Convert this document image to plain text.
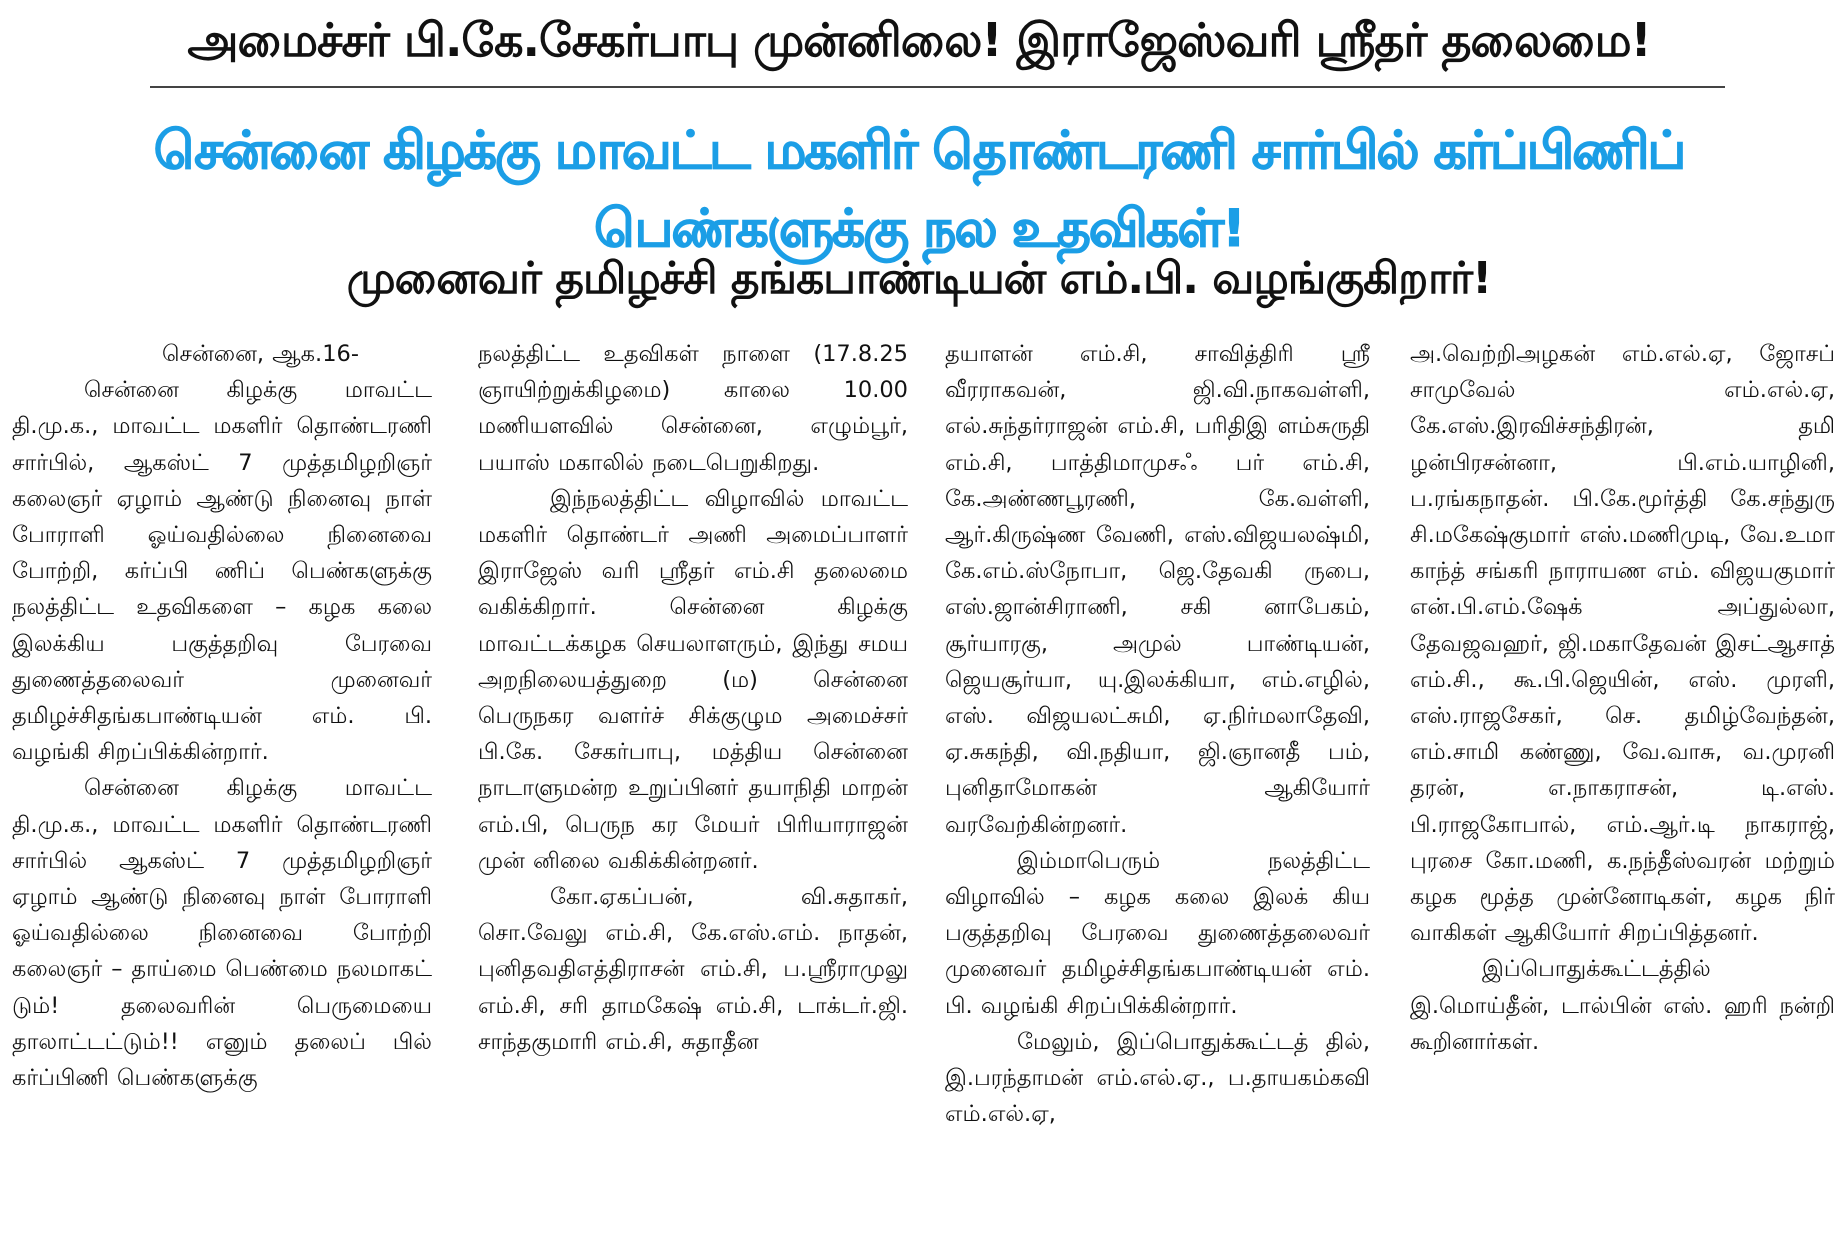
அமைச்சர் பி.கே.சேகர்பாபு முன்னிலை! இராஜேஸ்வரி ஸ்ரீதர் தலைமை!
சென்னை கிழக்கு மாவட்ட மகளிர் தொண்டரணி சார்பில் கர்ப்பிணிப் பெண்களுக்கு நல உதவிகள்!
முனைவர் தமிழச்சி தங்கபாண்டியன் எம்.பி. வழங்குகிறார்!

சென்னை, ஆக.16-

சென்னை கிழக்கு மாவட்ட தி.மு.க., மாவட்ட மகளிர் தொண்டரணி சார்பில், ஆகஸ்ட் 7 முத்தமிழறிஞர் கலைஞர் ஏழாம் ஆண்டு நினைவு நாள் போராளி ஓய்வதில்லை நினைவை போற்றி, கர்ப்பி ணிப் பெண்களுக்கு நலத்திட்ட உதவிகளை – கழக கலை இலக்கிய பகுத்தறிவு பேரவை துணைத்தலைவர் முனைவர் தமிழச்சிதங்கபாண்டியன் எம். பி. வழங்கி சிறப்பிக்கின்றார்.

சென்னை கிழக்கு மாவட்ட தி.மு.க., மாவட்ட மகளிர் தொண்டரணி சார்பில் ஆகஸ்ட் 7 முத்தமிழறிஞர் ஏழாம் ஆண்டு நினைவு நாள் போராளி ஓய்வதில்லை நினைவை போற்றி கலைஞர் – தாய்மை பெண்மை நலமாகட் டும்! தலைவரின் பெருமையை தாலாட்டட்டும்!! எனும் தலைப் பில் கர்ப்பிணி பெண்களுக்கு

நலத்திட்ட உதவிகள் நாளை (17.8.25 ஞாயிற்றுக்கிழமை) காலை 10.00 மணியளவில் சென்னை, எழும்பூர், பயாஸ் மகாலில் நடைபெறுகிறது.

இந்நலத்திட்ட விழாவில் மாவட்ட மகளிர் தொண்டர் அணி அமைப்பாளர் இராஜேஸ் வரி ஸ்ரீதர் எம்.சி தலைமை வகிக்கிறார். சென்னை கிழக்கு மாவட்டக்கழக செயலாளரும், இந்து சமய அறநிலையத்துறை (ம) சென்னை பெருநகர வளர்ச் சிக்குழும அமைச்சர் பி.கே. சேகர்பாபு, மத்திய சென்னை நாடாளுமன்ற உறுப்பினர் தயாநிதி மாறன் எம்.பி, பெருந கர மேயர் பிரியாராஜன் முன் னிலை வகிக்கின்றனர்.

கோ.ஏகப்பன், வி.சுதாகர், சொ.வேலு எம்.சி, கே.எஸ்.எம். நாதன், புனிதவதிஎத்திராசன் எம்.சி, ப.ஸ்ரீராமுலு எம்.சி, சரி தாமகேஷ் எம்.சி, டாக்டர்.ஜி. சாந்தகுமாரி எம்.சி, சுதாதீன

தயாளன் எம்.சி, சாவித்திரி ஸ்ரீ வீரராகவன், ஜி.வி.நாகவள்ளி, எல்.சுந்தர்ராஜன் எம்.சி, பரிதிஇ ளம்சுருதி எம்.சி, பாத்திமாமுசஃ பர் எம்.சி, கே.அண்ணபூரணி, கே.வள்ளி, ஆர்.கிருஷ்ண வேணி, எஸ்.விஜயலஷ்மி, கே.எம்.ஸ்நோபா, ஜெ.தேவகி ருபை, எஸ்.ஜான்சிராணி, சகி னாபேகம், சூர்யாரகு, அமுல் பாண்டியன், ஜெயசூர்யா, யு.இலக்கியா, எம்.எழில், எஸ். விஜயலட்சுமி, ஏ.நிர்மலாதேவி, ஏ.சுகந்தி, வி.நதியா, ஜி.ஞானதீ பம், புனிதாமோகன் ஆகியோர் வரவேற்கின்றனர்.

இம்மாபெரும் நலத்திட்ட விழாவில் – கழக கலை இலக் கிய பகுத்தறிவு பேரவை துணைத்தலைவர் முனைவர் தமிழச்சிதங்கபாண்டியன் எம். பி. வழங்கி சிறப்பிக்கின்றார்.

மேலும், இப்பொதுக்கூட்டத் தில், இ.பரந்தாமன் எம்.எல்.ஏ., ப.தாயகம்கவி எம்.எல்.ஏ,

அ.வெற்றிஅழகன் எம்.எல்.ஏ, ஜோசப் சாமுவேல் எம்.எல்.ஏ, கே.எஸ்.இரவிச்சந்திரன், தமி ழன்பிரசன்னா, பி.எம்.யாழினி, ப.ரங்கநாதன். பி.கே.மூர்த்தி கே.சந்துரு சி.மகேஷ்குமார் எஸ்.மணிமுடி, வே.உமா காந்த் சங்கரி நாராயண எம். விஜயகுமார் என்.பி.எம்.ஷேக் அப்துல்லா, தேவஜவஹர், ஜி.மகாதேவன் இசட்ஆசாத் எம்.சி., கூ.பி.ஜெயின், எஸ். முரளி, எஸ்.ராஜசேகர், செ. தமிழ்வேந்தன், எம்.சாமி கண்ணு, வே.வாசு, வ.முரனி தரன், எ.நாகராசன், டி.எஸ். பி.ராஜகோபால், எம்.ஆர்.டி நாகராஜ், புரசை கோ.மணி, க.நந்தீஸ்வரன் மற்றும் கழக மூத்த முன்னோடிகள், கழக நிர் வாகிகள் ஆகியோர் சிறப்பித்தனர்.

இப்பொதுக்கூட்டத்தில் இ.மொய்தீன், டால்பின் எஸ். ஹரி நன்றி கூறினார்கள்.
